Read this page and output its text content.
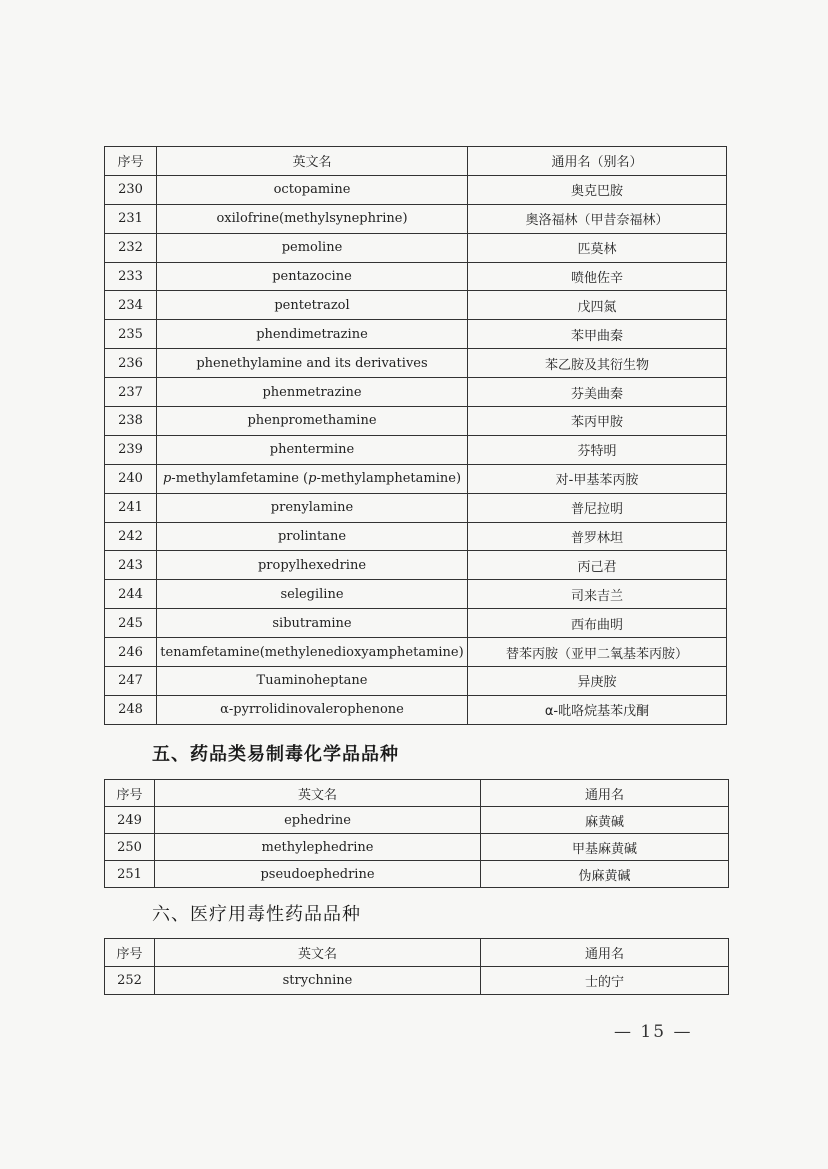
序号	英文名	通用名（别名）
230	octopamine	奥克巴胺
231	oxilofrine(methylsynephrine)	奥洛福林（甲昔奈福林）
232	pemoline	匹莫林
233	pentazocine	喷他佐辛
234	pentetrazol	戊四氮
235	phendimetrazine	苯甲曲秦
236	phenethylamine and its derivatives	苯乙胺及其衍生物
237	phenmetrazine	芬美曲秦
238	phenpromethamine	苯丙甲胺
239	phentermine	芬特明
240	p-methylamfetamine (p-methylamphetamine)	对-甲基苯丙胺
241	prenylamine	普尼拉明
242	prolintane	普罗林坦
243	propylhexedrine	丙己君
244	selegiline	司来吉兰
245	sibutramine	西布曲明
246	tenamfetamine(methylenedioxyamphetamine)	替苯丙胺（亚甲二氧基苯丙胺）
247	Tuaminoheptane	异庚胺
248	α-pyrrolidinovalerophenone	α-吡咯烷基苯戊酮
五、药品类易制毒化学品品种
序号	英文名	通用名
249	ephedrine	麻黄碱
250	methylephedrine	甲基麻黄碱
251	pseudoephedrine	伪麻黄碱
六、医疗用毒性药品品种
序号	英文名	通用名
252	strychnine	士的宁
— 15 —
